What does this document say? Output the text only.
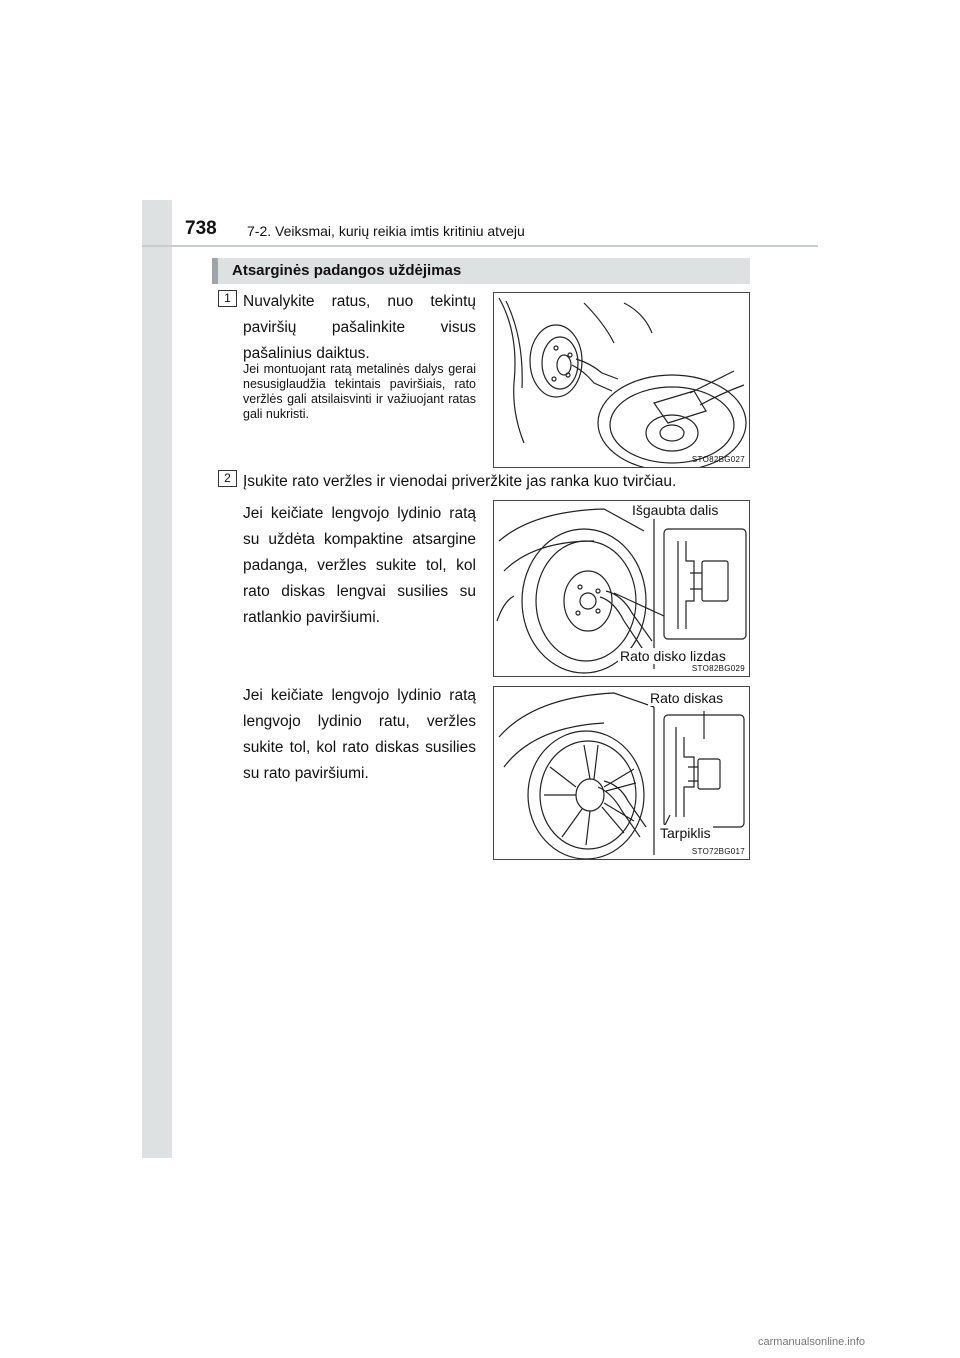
738 7-2. Veiksmai, kurių reikia imtis kritiniu atveju
Atsarginės padangos uždėjimas
1 Nuvalykite ratus, nuo tekintų paviršių pašalinkite visus pašalinius daiktus.
Jei montuojant ratą metalinės dalys gerai nesusiglaudžia tekintais paviršiais, rato veržlės gali atsilaisvinti ir važiuojant ratas gali nukristi.
STO82BG027
2 Įsukite rato veržles ir vienodai priveržkite jas ranka kuo tvirčiau.
Jei keičiate lengvojo lydinio ratą su uždėta kompaktine atsargine padanga, veržles sukite tol, kol rato diskas lengvai susilies su ratlankio paviršiumi.
Išgaubta dalis
Rato disko lizdas
STO82BG029
Jei keičiate lengvojo lydinio ratą lengvojo lydinio ratu, veržles sukite tol, kol rato diskas susilies su rato paviršiumi.
Rato diskas
Tarpiklis
STO72BG017
carmanualsonline.info
